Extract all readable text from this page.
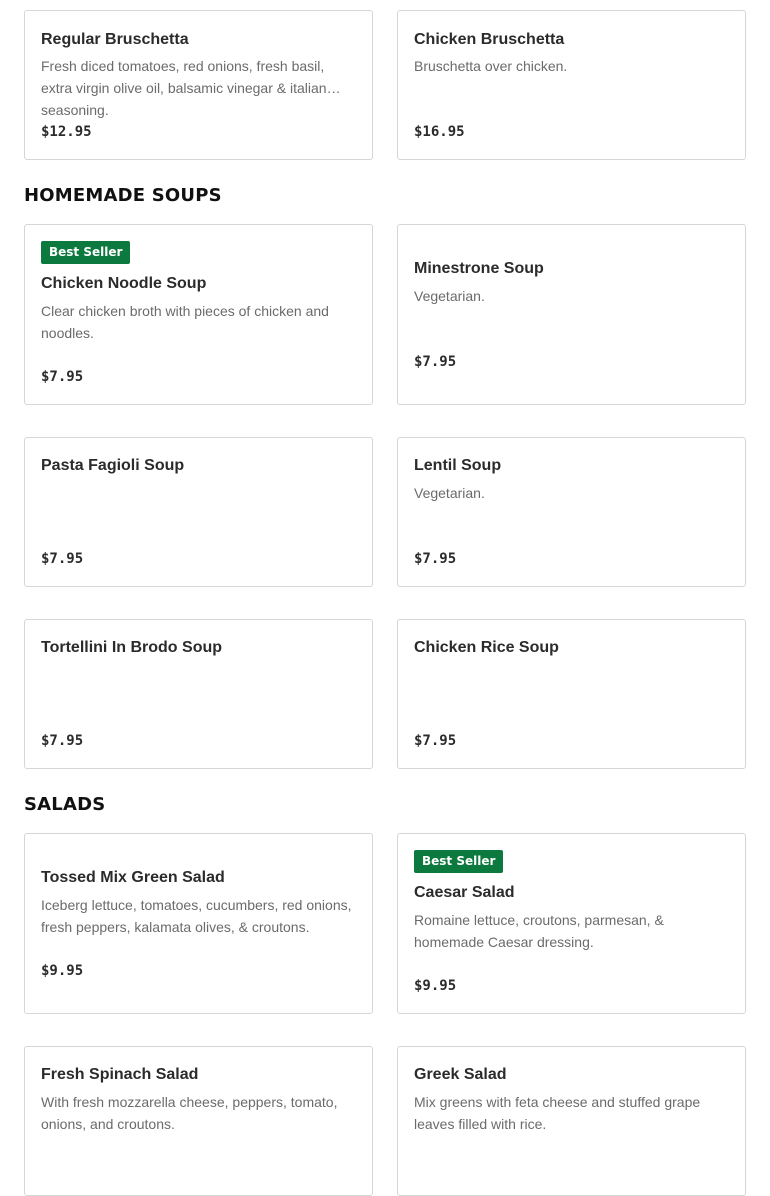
Regular Bruschetta
Fresh diced tomatoes, red onions, fresh basil, extra virgin olive oil, balsamic vinegar & italian seasoning.
$12.95
Chicken Bruschetta
Bruschetta over chicken.
$16.95
HOMEMADE SOUPS
Best Seller
Chicken Noodle Soup
Clear chicken broth with pieces of chicken and noodles.
$7.95
Minestrone Soup
Vegetarian.
$7.95
Pasta Fagioli Soup
$7.95
Lentil Soup
Vegetarian.
$7.95
Tortellini In Brodo Soup
$7.95
Chicken Rice Soup
$7.95
SALADS
Tossed Mix Green Salad
Iceberg lettuce, tomatoes, cucumbers, red onions, fresh peppers, kalamata olives, & croutons.
$9.95
Best Seller
Caesar Salad
Romaine lettuce, croutons, parmesan, & homemade Caesar dressing.
$9.95
Fresh Spinach Salad
With fresh mozzarella cheese, peppers, tomato, onions, and croutons.
Greek Salad
Mix greens with feta cheese and stuffed grape leaves filled with rice.
